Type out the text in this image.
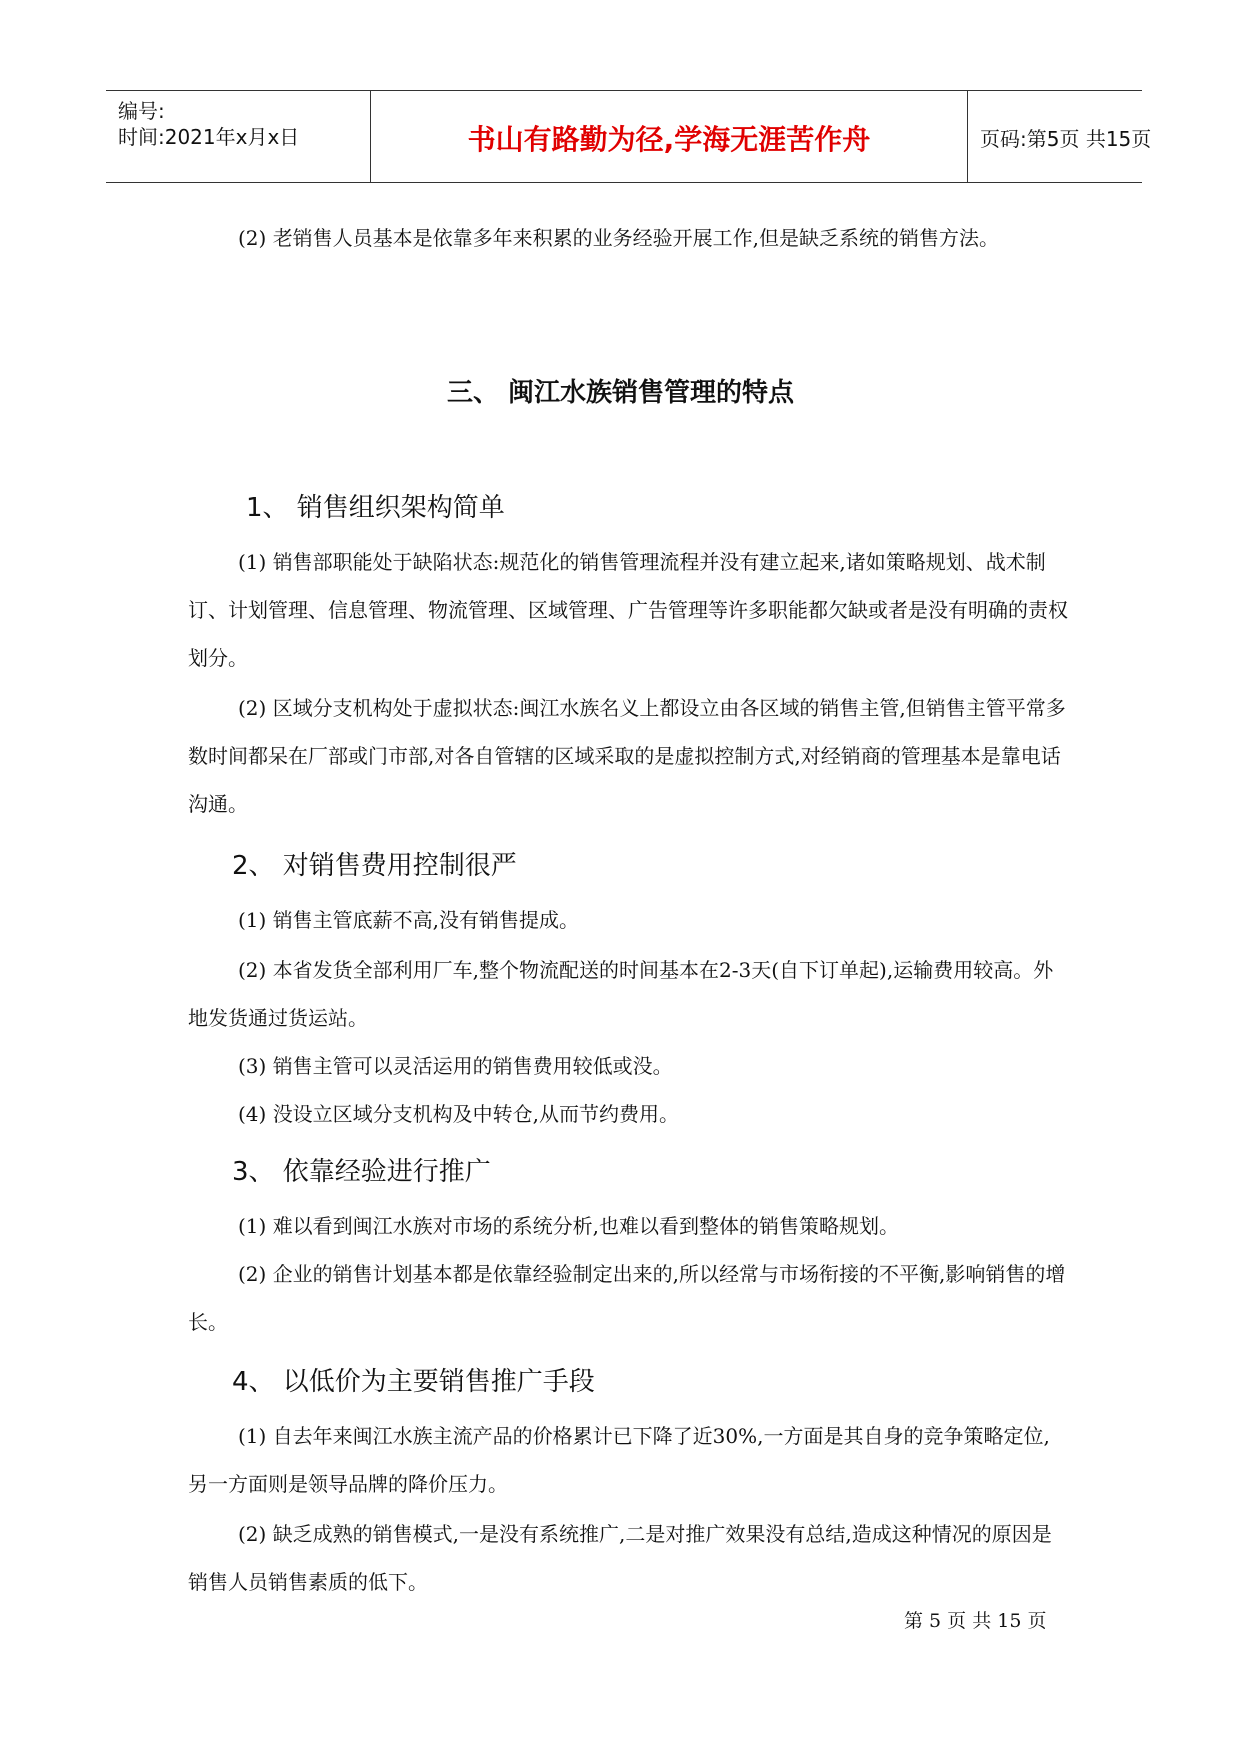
编号:
时间:2021年x月x日	书山有路勤为径,学海无涯苦作舟	页码:第5页 共15页

(2) 老销售人员基本是依靠多年来积累的业务经验开展工作,但是缺乏系统的销售方法。

三、 闽江水族销售管理的特点
1、 销售组织架构简单

(1) 销售部职能处于缺陷状态:规范化的销售管理流程并没有建立起来,诸如策略规划、战术制订、计划管理、信息管理、物流管理、区域管理、广告管理等许多职能都欠缺或者是没有明确的责权划分。

(2) 区域分支机构处于虚拟状态:闽江水族名义上都设立由各区域的销售主管,但销售主管平常多数时间都呆在厂部或门市部,对各自管辖的区域采取的是虚拟控制方式,对经销商的管理基本是靠电话沟通。

2、 对销售费用控制很严

(1) 销售主管底薪不高,没有销售提成。

(2) 本省发货全部利用厂车,整个物流配送的时间基本在2-3天(自下订单起),运输费用较高。外地发货通过货运站。

(3) 销售主管可以灵活运用的销售费用较低或没。

(4) 没设立区域分支机构及中转仓,从而节约费用。

3、 依靠经验进行推广

(1) 难以看到闽江水族对市场的系统分析,也难以看到整体的销售策略规划。

(2) 企业的销售计划基本都是依靠经验制定出来的,所以经常与市场衔接的不平衡,影响销售的增长。

4、 以低价为主要销售推广手段

(1) 自去年来闽江水族主流产品的价格累计已下降了近30%,一方面是其自身的竞争策略定位,另一方面则是领导品牌的降价压力。

(2) 缺乏成熟的销售模式,一是没有系统推广,二是对推广效果没有总结,造成这种情况的原因是销售人员销售素质的低下。

第 5 页 共 15 页
